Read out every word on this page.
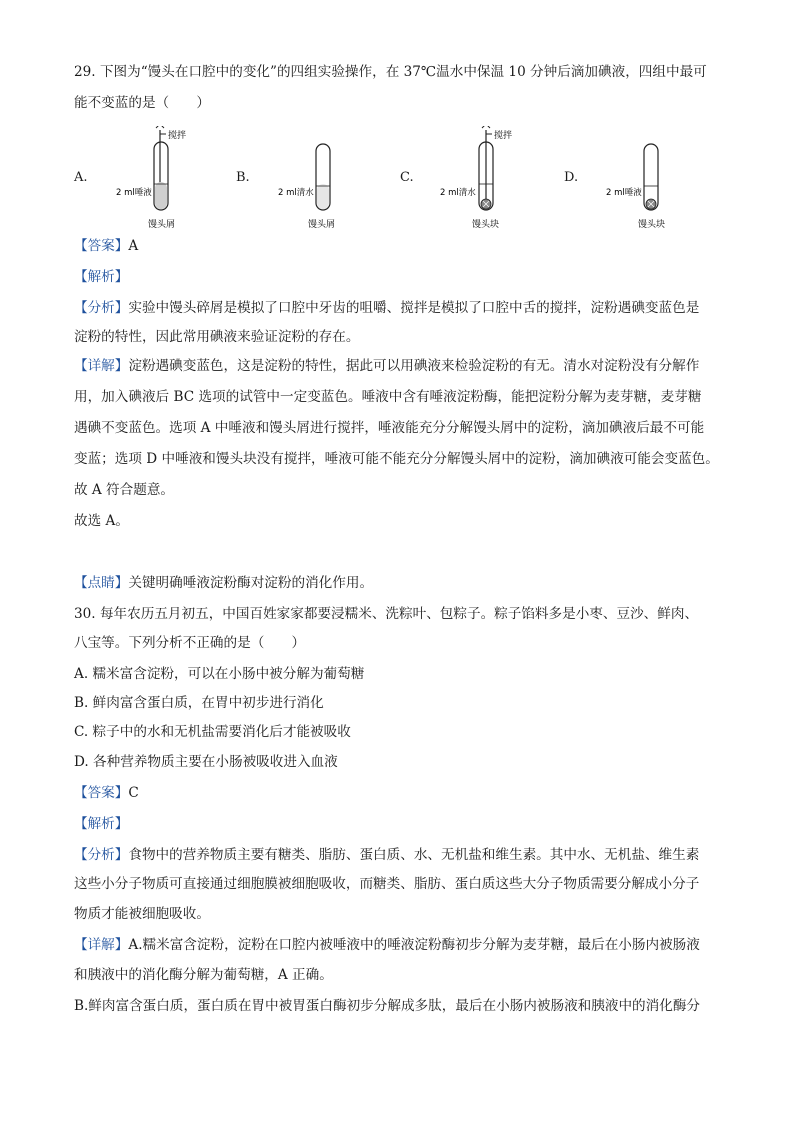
29. 下图为“馒头在口腔中的变化”的四组实验操作，在 37℃温水中保温 10 分钟后滴加碘液，四组中最可
能不变蓝的是（　　）
A.	B.	C.	D.
搅拌
2 ml唾液
馒头屑
2 ml清水
馒头屑
搅拌
2 ml清水
馒头块
2 ml唾液
馒头块
【答案】A
【解析】
【分析】实验中馒头碎屑是模拟了口腔中牙齿的咀嚼、搅拌是模拟了口腔中舌的搅拌，淀粉遇碘变蓝色是
淀粉的特性，因此常用碘液来验证淀粉的存在。
【详解】淀粉遇碘变蓝色，这是淀粉的特性，据此可以用碘液来检验淀粉的有无。清水对淀粉没有分解作
用，加入碘液后 BC 选项的试管中一定变蓝色。唾液中含有唾液淀粉酶，能把淀粉分解为麦芽糖，麦芽糖
遇碘不变蓝色。选项 A 中唾液和馒头屑进行搅拌，唾液能充分分解馒头屑中的淀粉，滴加碘液后最不可能
变蓝；选项 D 中唾液和馒头块没有搅拌，唾液可能不能充分分解馒头屑中的淀粉，滴加碘液可能会变蓝色。
故 A 符合题意。
故选 A。
【点睛】关键明确唾液淀粉酶对淀粉的消化作用。
30. 每年农历五月初五，中国百姓家家都要浸糯米、洗粽叶、包粽子。粽子馅料多是小枣、豆沙、鲜肉、
八宝等。下列分析不正确的是（　　）
A. 糯米富含淀粉，可以在小肠中被分解为葡萄糖
B. 鲜肉富含蛋白质，在胃中初步进行消化
C. 粽子中的水和无机盐需要消化后才能被吸收
D. 各种营养物质主要在小肠被吸收进入血液
【答案】C
【解析】
【分析】食物中的营养物质主要有糖类、脂肪、蛋白质、水、无机盐和维生素。其中水、无机盐、维生素
这些小分子物质可直接通过细胞膜被细胞吸收，而糖类、脂肪、蛋白质这些大分子物质需要分解成小分子
物质才能被细胞吸收。
【详解】A.糯米富含淀粉，淀粉在口腔内被唾液中的唾液淀粉酶初步分解为麦芽糖，最后在小肠内被肠液
和胰液中的消化酶分解为葡萄糖，A 正确。
B.鲜肉富含蛋白质，蛋白质在胃中被胃蛋白酶初步分解成多肽，最后在小肠内被肠液和胰液中的消化酶分
